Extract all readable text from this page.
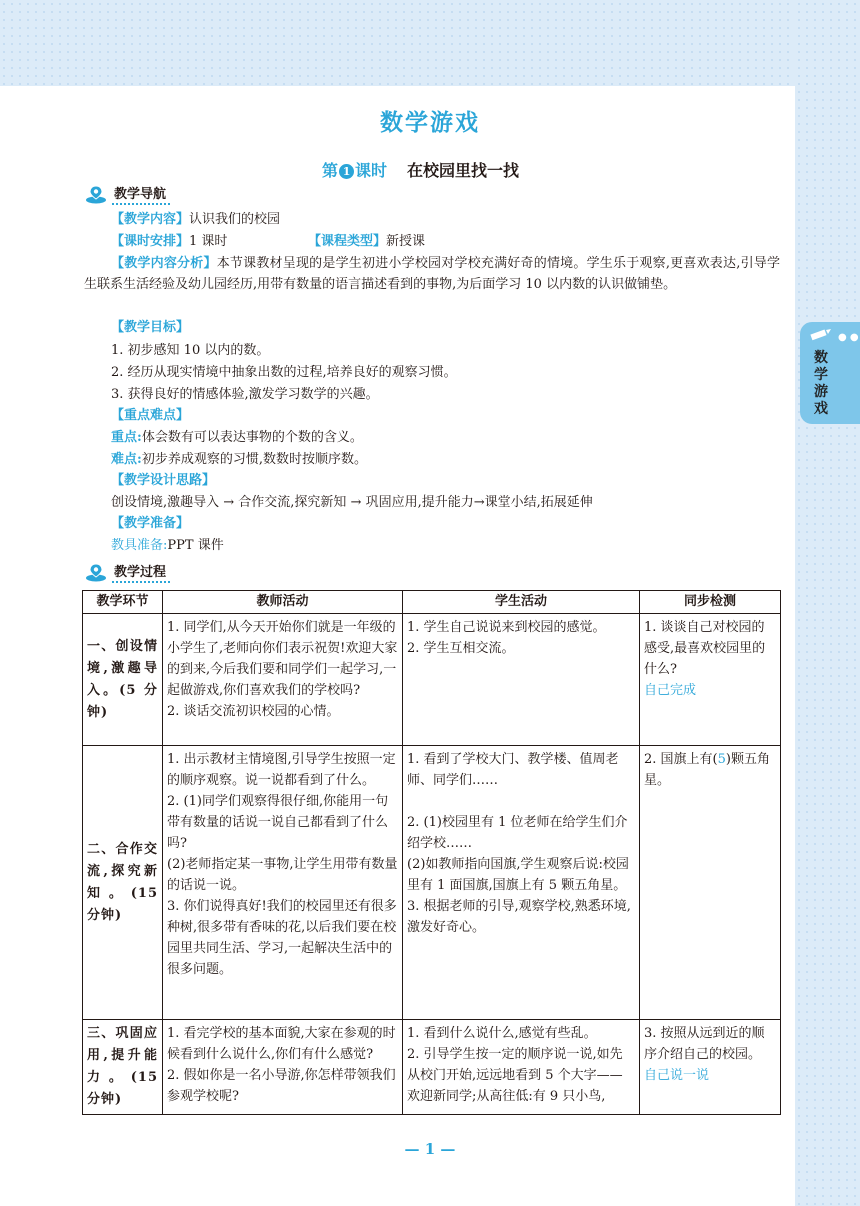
● ●
数学游戏
数学游戏
第 1 课时 在校园里找一找
教学导航
【教学内容】认识我们的校园
【课时安排】1 课时	【课程类型】新授课
【教学内容分析】本节课教材呈现的是学生初进小学校园对学校充满好奇的情境。学生乐于观察,更喜欢表达,引导学生联系生活经验及幼儿园经历,用带有数量的语言描述看到的事物,为后面学习 10 以内数的认识做铺垫。
【教学目标】
1. 初步感知 10 以内的数。
2. 经历从现实情境中抽象出数的过程,培养良好的观察习惯。
3. 获得良好的情感体验,激发学习数学的兴趣。
【重点难点】
重点:体会数有可以表达事物的个数的含义。
难点:初步养成观察的习惯,数数时按顺序数。
【教学设计思路】
创设情境,激趣导入 → 合作交流,探究新知 → 巩固应用,提升能力→课堂小结,拓展延伸
【教学准备】
教具准备:PPT 课件
教学过程
教学环节	教师活动	学生活动	同步检测
一、创设情境,激趣导入。(5 分钟)	1. 同学们,从今天开始你们就是一年级的小学生了,老师向你们表示祝贺!欢迎大家的到来,今后我们要和同学们一起学习,一起做游戏,你们喜欢我们的学校吗?
2. 谈话交流初识校园的心情。	1. 学生自己说说来到校园的感觉。
2. 学生互相交流。	1. 谈谈自己对校园的感受,最喜欢校园里的什么?
自己完成

二、合作交流,探究新知。(15 分钟)	1. 出示教材主情境图,引导学生按照一定的顺序观察。说一说都看到了什么。
2. (1)同学们观察得很仔细,你能用一句带有数量的话说一说自己都看到了什么吗?
(2)老师指定某一事物,让学生用带有数量的话说一说。
3. 你们说得真好!我们的校园里还有很多种树,很多带有香味的花,以后我们要在校园里共同生活、学习,一起解决生活中的很多问题。	1. 看到了学校大门、教学楼、值周老师、同学们……

2. (1)校园里有 1 位老师在给学生们介绍学校……
(2)如教师指向国旗,学生观察后说:校园里有 1 面国旗,国旗上有 5 颗五角星。
3. 根据老师的引导,观察学校,熟悉环境,激发好奇心。	2. 国旗上有(5)颗五角星。
三、巩固应用,提升能力。(15 分钟)	1. 看完学校的基本面貌,大家在参观的时候看到什么说什么,你们有什么感觉?
2. 假如你是一名小导游,你怎样带领我们参观学校呢?	1. 看到什么说什么,感觉有些乱。
2. 引导学生按一定的顺序说一说,如先从校门开始,远远地看到 5 个大字——欢迎新同学;从高往低:有 9 只小鸟,	3. 按照从远到近的顺序介绍自己的校园。
自己说一说
— 1 —
